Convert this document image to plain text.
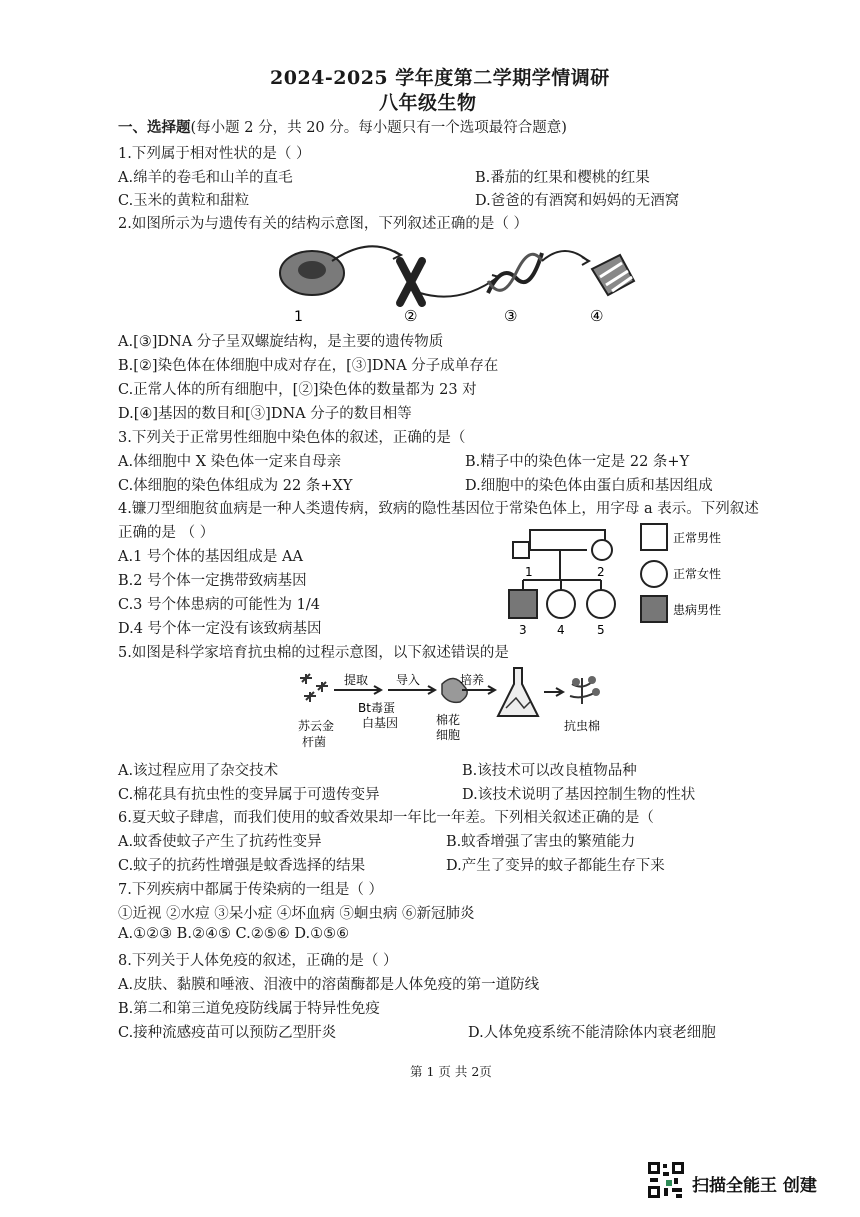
2024-2025 学年度第二学期学情调研
八年级生物
一、选择题(每小题 2 分，共 20 分。每小题只有一个选项最符合题意)
1.下列属于相对性状的是（ ）
A.绵羊的卷毛和山羊的直毛	B.番茄的红果和樱桃的红果
C.玉米的黄粒和甜粒	D.爸爸的有酒窝和妈妈的无酒窝
2.如图所示为与遗传有关的结构示意图，下列叙述正确的是（ ）
1	②	③	④
A.[③]DNA 分子呈双螺旋结构，是主要的遗传物质
B.[②]染色体在体细胞中成对存在，[③]DNA 分子成单存在
C.正常人体的所有细胞中，[②]染色体的数量都为 23 对
D.[④]基因的数目和[③]DNA 分子的数目相等
3.下列关于正常男性细胞中染色体的叙述，正确的是（
A.体细胞中 X 染色体一定来自母亲	B.精子中的染色体一定是 22 条+Y
C.体细胞的染色体组成为 22 条+XY	D.细胞中的染色体由蛋白质和基因组成
4.镰刀型细胞贫血病是一种人类遗传病，致病的隐性基因位于常染色体上，用字母 a 表示。下列叙述
正确的是 （ ）
A.1 号个体的基因组成是 AA
B.2 号个体一定携带致病基因
C.3 号个体患病的可能性为 1/4
D.4 号个体一定没有该致病基因
1	2
3	4	5
正常男性
正常女性
患病男性
5.如图是科学家培育抗虫棉的过程示意图，以下叙述错误的是
提取 导入	培养
苏云金
杆菌
Bt毒蛋
白基因	棉花
细胞
抗虫棉
A.该过程应用了杂交技术	B.该技术可以改良植物品种
C.棉花具有抗虫性的变异属于可遗传变异	D.该技术说明了基因控制生物的性状
6.夏天蚊子肆虐，而我们使用的蚊香效果却一年比一年差。下列相关叙述正确的是（
A.蚊香使蚊子产生了抗药性变异	B.蚊香增强了害虫的繁殖能力
C.蚊子的抗药性增强是蚊香选择的结果	D.产生了变异的蚊子都能生存下来
7.下列疾病中都属于传染病的一组是（ ）
①近视 ②水痘 ③呆小症 ④坏血病 ⑤蛔虫病 ⑥新冠肺炎
A.①②③ B.②④⑤ C.②⑤⑥ D.①⑤⑥
8.下列关于人体免疫的叙述，正确的是（ ）
A.皮肤、黏膜和唾液、泪液中的溶菌酶都是人体免疫的第一道防线
B.第二和第三道免疫防线属于特异性免疫
C.接种流感疫苗可以预防乙型肝炎	D.人体免疫系统不能清除体内衰老细胞
第 1 页 共 2页
扫描全能王 创建
